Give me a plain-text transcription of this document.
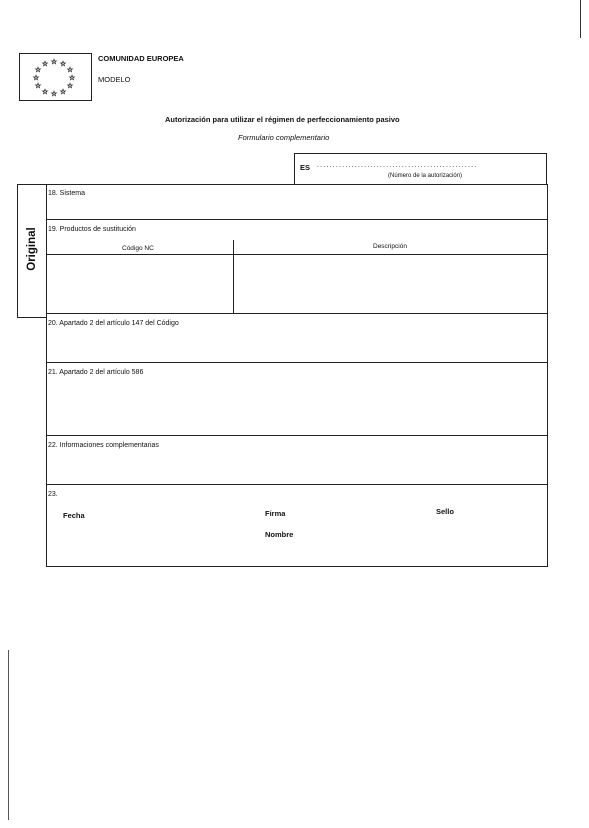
☆ ☆
☆
☆
☆
☆
☆
☆
☆
☆
☆
☆
COMUNIDAD EUROPEA
MODELO
Autorización para utilizar el régimen de perfeccionamiento pasivo
Formulario complementario
ES ...................................................
(Número de la autorización)
Original
18. Sistema
19. Productos de sustitución
Código NC	Descripción
20. Apartado 2 del artículo 147 del Código
21. Apartado 2 del artículo 586
22. Informaciones complementarias
23.
Fecha	Firma	Sello
Nombre
